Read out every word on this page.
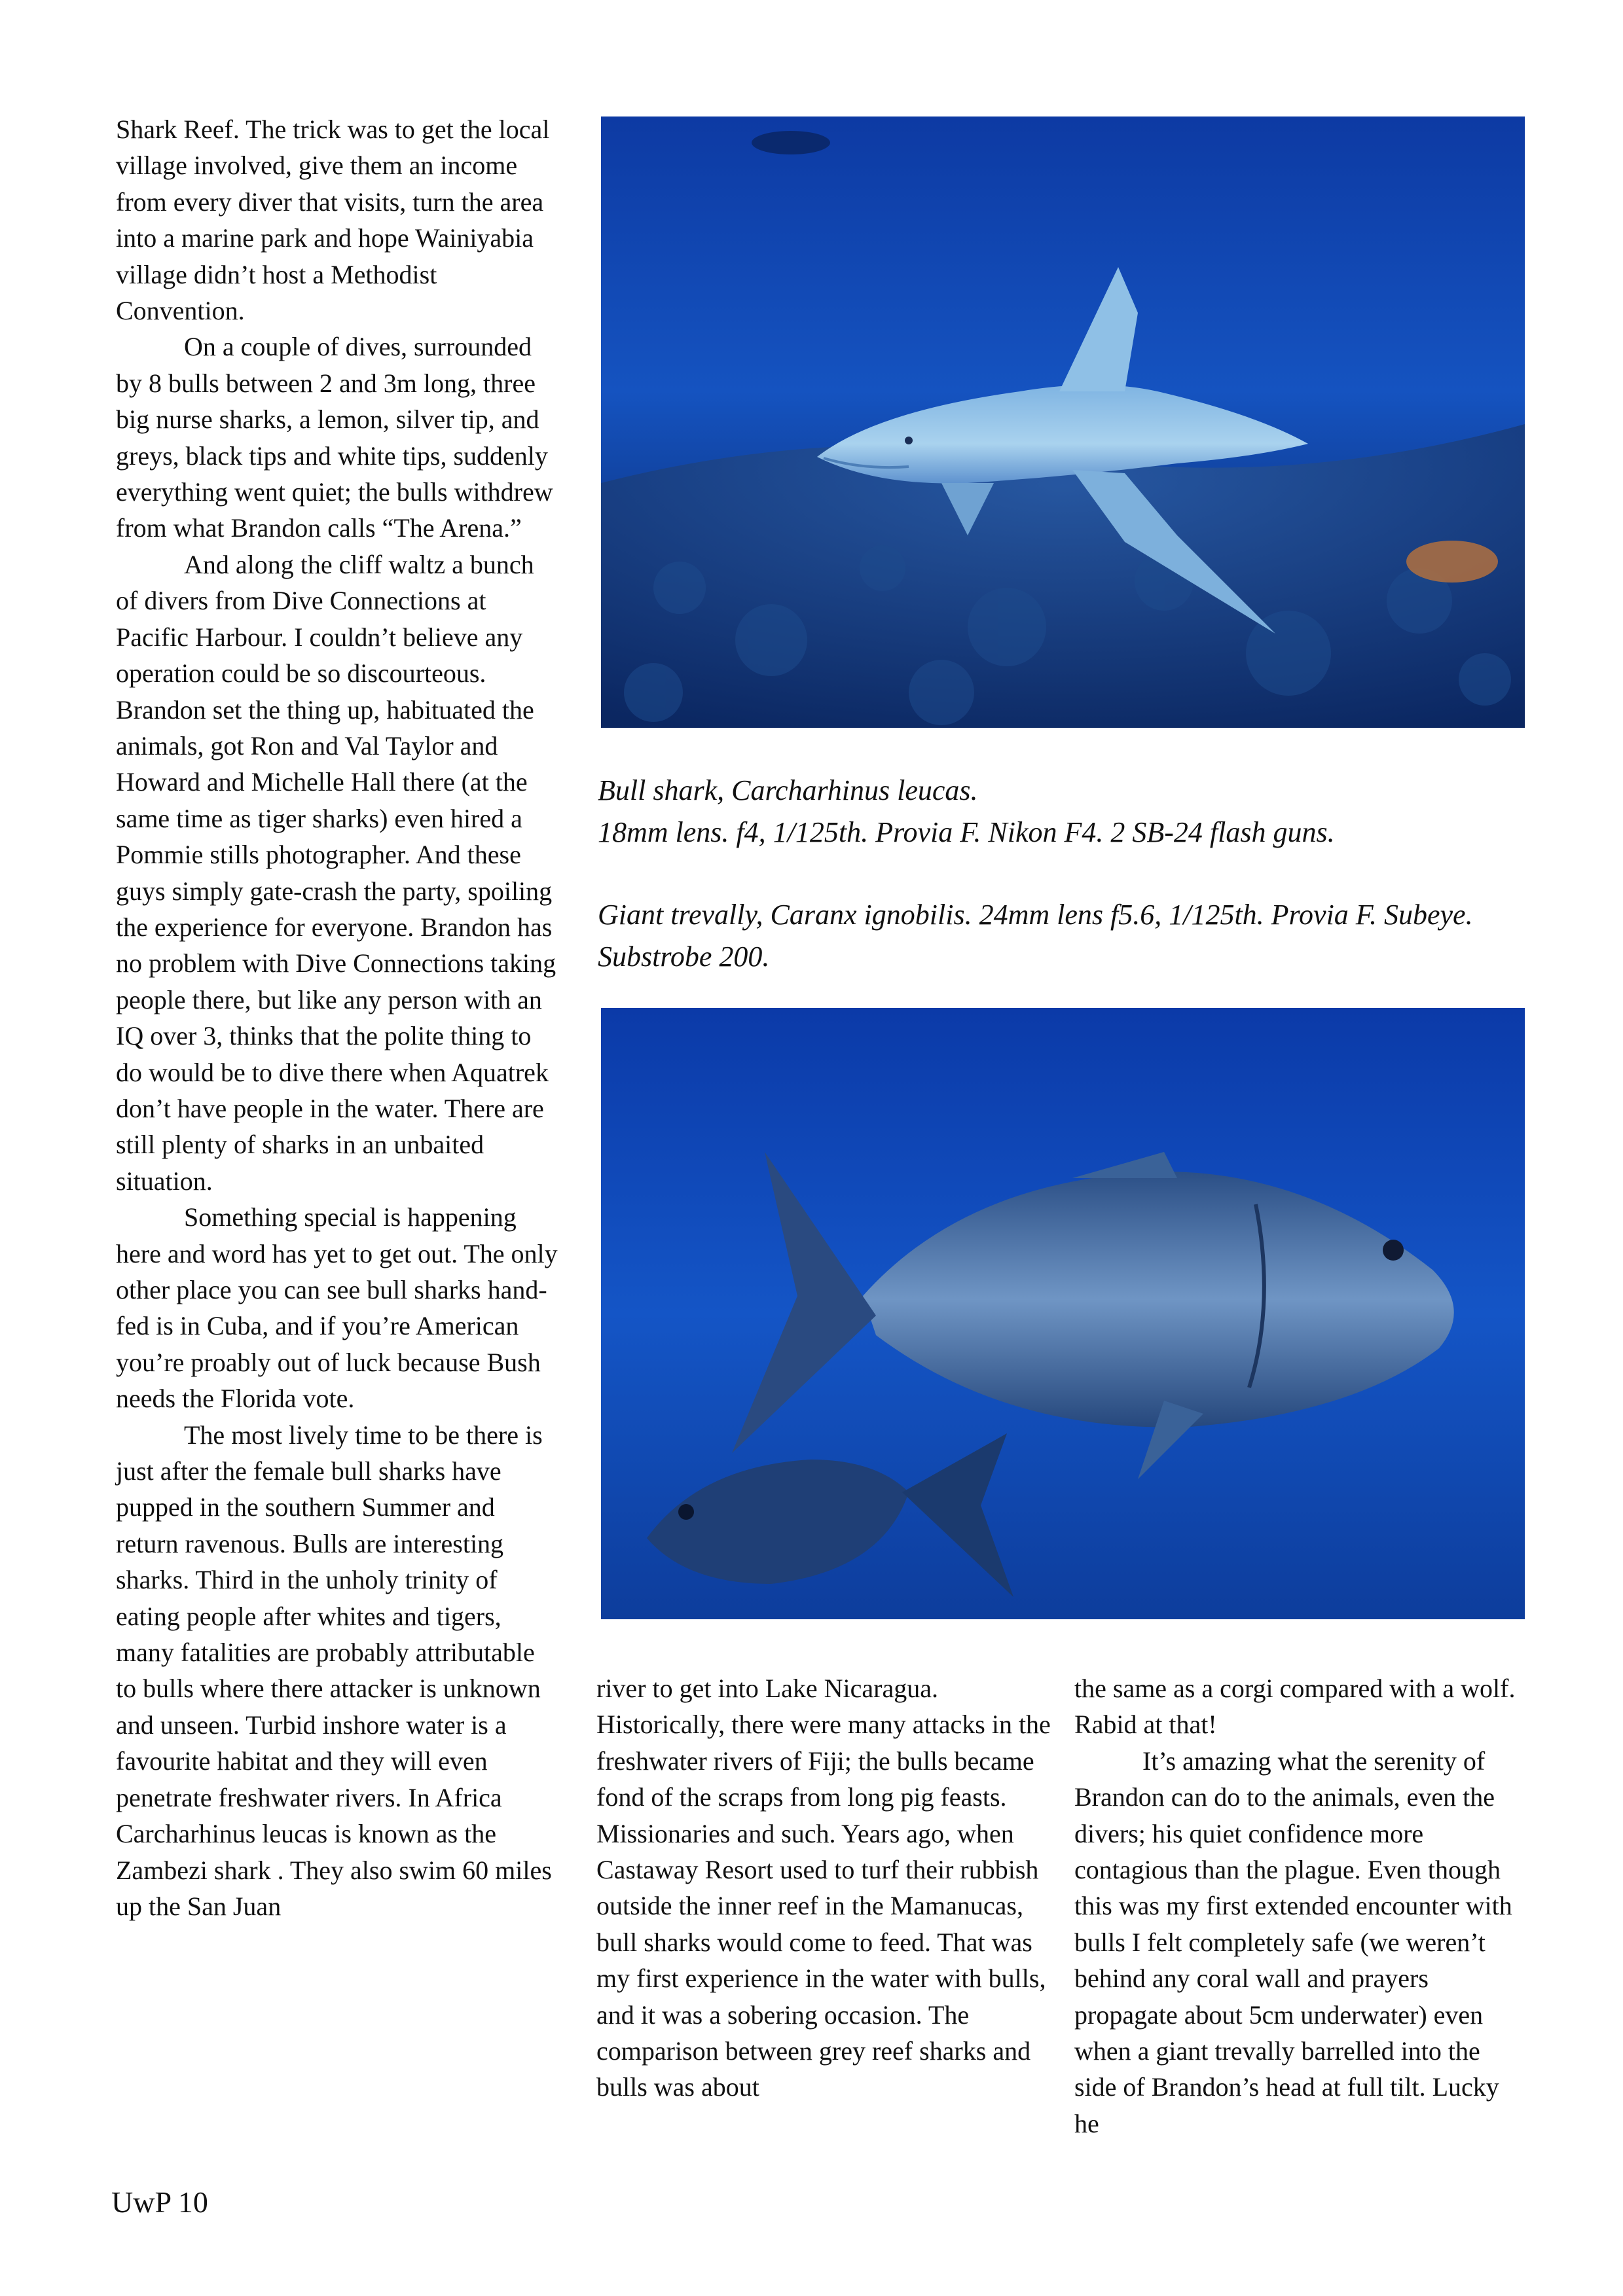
Shark Reef. The trick was to get the local village involved, give them an income from every diver that visits, turn the area into a marine park and hope Wainiyabia village didn’t host a Methodist Convention.

On a couple of dives, surrounded by 8 bulls between 2 and 3m long, three big nurse sharks, a lemon, silver tip, and greys, black tips and white tips, suddenly everything went quiet; the bulls withdrew from what Brandon calls “The Arena.”

And along the cliff waltz a bunch of divers from Dive Connections at Pacific Harbour. I couldn’t believe any operation could be so discourteous. Brandon set the thing up, habituated the animals, got Ron and Val Taylor and Howard and Michelle Hall there (at the same time as tiger sharks) even hired a Pommie stills photographer. And these guys simply gate-crash the party, spoiling the experience for everyone. Brandon has no problem with Dive Connections taking people there, but like any person with an IQ over 3, thinks that the polite thing to do would be to dive there when Aquatrek don’t have people in the water. There are still plenty of sharks in an unbaited situation.

Something special is happening here and word has yet to get out. The only other place you can see bull sharks hand-fed is in Cuba, and if you’re American you’re proably out of luck because Bush needs the Florida vote.

The most lively time to be there is just after the female bull sharks have pupped in the southern Summer and return ravenous. Bulls are interesting sharks. Third in the unholy trinity of eating people after whites and tigers, many fatalities are probably attributable to bulls where there attacker is unknown and unseen. Turbid inshore water is a favourite habitat and they will even penetrate freshwater rivers. In Africa Carcharhinus leucas is known as the Zambezi shark . They also swim 60 miles up the San Juan

Bull shark, Carcharhinus leucas.
18mm lens. f4, 1/125th. Provia F. Nikon F4. 2 SB-24 flash guns.

Giant trevally, Caranx ignobilis. 24mm lens f5.6, 1/125th. Provia F. Subeye. Substrobe 200.

river to get into Lake Nicaragua. Historically, there were many attacks in the freshwater rivers of Fiji; the bulls became fond of the scraps from long pig feasts. Missionaries and such. Years ago, when Castaway Resort used to turf their rubbish outside the inner reef in the Mamanucas, bull sharks would come to feed. That was my first experience in the water with bulls, and it was a sobering occasion. The comparison between grey reef sharks and bulls was about

the same as a corgi compared with a wolf. Rabid at that!

It’s amazing what the serenity of Brandon can do to the animals, even the divers; his quiet confidence more contagious than the plague. Even though this was my first extended encounter with bulls I felt completely safe (we weren’t behind any coral wall and prayers propagate about 5cm underwater) even when a giant trevally barrelled into the side of Brandon’s head at full tilt. Lucky he

UwP 10
